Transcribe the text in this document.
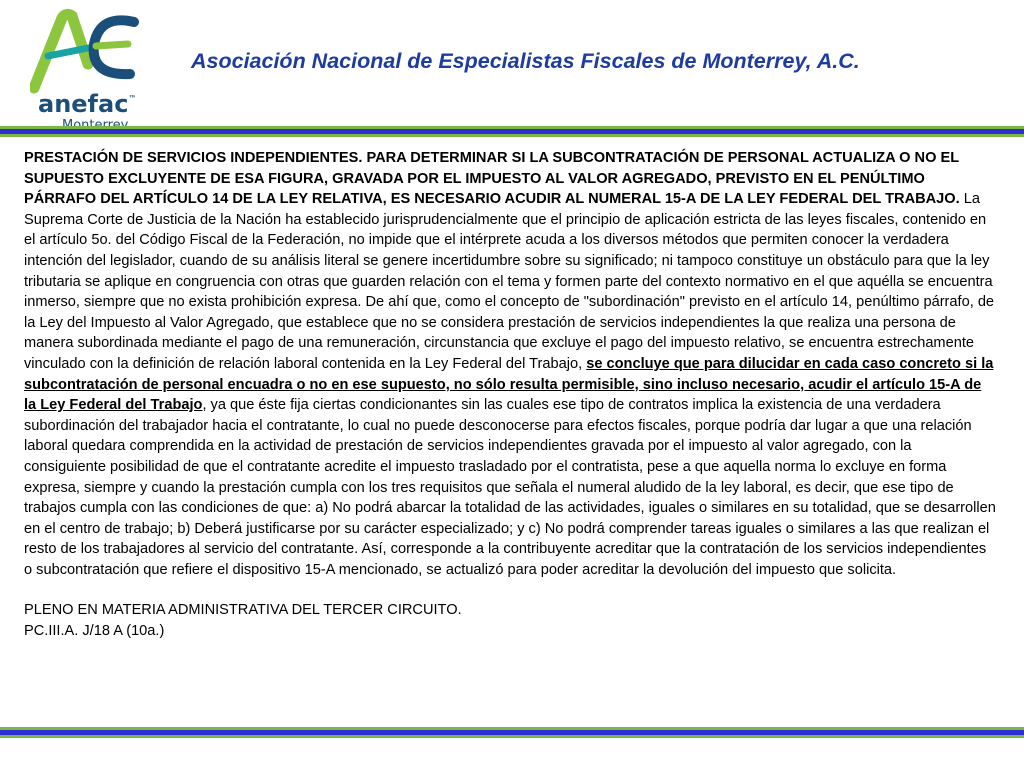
anefac™
Asociación Nacional de Especialistas Fiscales de Monterrey, A.C.

PRESTACIÓN DE SERVICIOS INDEPENDIENTES. PARA DETERMINAR SI LA SUBCONTRATACIÓN DE PERSONAL ACTUALIZA O NO EL SUPUESTO EXCLUYENTE DE ESA FIGURA, GRAVADA POR EL IMPUESTO AL VALOR AGREGADO, PREVISTO EN EL PENÚLTIMO PÁRRAFO DEL ARTÍCULO 14 DE LA LEY RELATIVA, ES NECESARIO ACUDIR AL NUMERAL 15-A DE LA LEY FEDERAL DEL TRABAJO. La Suprema Corte de Justicia de la Nación ha establecido jurisprudencialmente que el principio de aplicación estricta de las leyes fiscales, contenido en el artículo 5o. del Código Fiscal de la Federación, no impide que el intérprete acuda a los diversos métodos que permiten conocer la verdadera intención del legislador, cuando de su análisis literal se genere incertidumbre sobre su significado; ni tampoco constituye un obstáculo para que la ley tributaria se aplique en congruencia con otras que guarden relación con el tema y formen parte del contexto normativo en el que aquélla se encuentra inmerso, siempre que no exista prohibición expresa. De ahí que, como el concepto de "subordinación" previsto en el artículo 14, penúltimo párrafo, de la Ley del Impuesto al Valor Agregado, que establece que no se considera prestación de servicios independientes la que realiza una persona de manera subordinada mediante el pago de una remuneración, circunstancia que excluye el pago del impuesto relativo, se encuentra estrechamente vinculado con la definición de relación laboral contenida en la Ley Federal del Trabajo, se concluye que para dilucidar en cada caso concreto si la subcontratación de personal encuadra o no en ese supuesto, no sólo resulta permisible, sino incluso necesario, acudir el artículo 15-A de la Ley Federal del Trabajo, ya que éste fija ciertas condicionantes sin las cuales ese tipo de contratos implica la existencia de una verdadera subordinación del trabajador hacia el contratante, lo cual no puede desconocerse para efectos fiscales, porque podría dar lugar a que una relación laboral quedara comprendida en la actividad de prestación de servicios independientes gravada por el impuesto al valor agregado, con la consiguiente posibilidad de que el contratante acredite el impuesto trasladado por el contratista, pese a que aquella norma lo excluye en forma expresa, siempre y cuando la prestación cumpla con los tres requisitos que señala el numeral aludido de la ley laboral, es decir, que ese tipo de trabajos cumpla con las condiciones de que: a) No podrá abarcar la totalidad de las actividades, iguales o similares en su totalidad, que se desarrollen en el centro de trabajo; b) Deberá justificarse por su carácter especializado; y c) No podrá comprender tareas iguales o similares a las que realizan el resto de los trabajadores al servicio del contratante. Así, corresponde a la contribuyente acreditar que la contratación de los servicios independientes o subcontratación que refiere el dispositivo 15-A mencionado, se actualizó para poder acreditar la devolución del impuesto que solicita.

PLENO EN MATERIA ADMINISTRATIVA DEL TERCER CIRCUITO.

PC.III.A. J/18 A (10a.)
